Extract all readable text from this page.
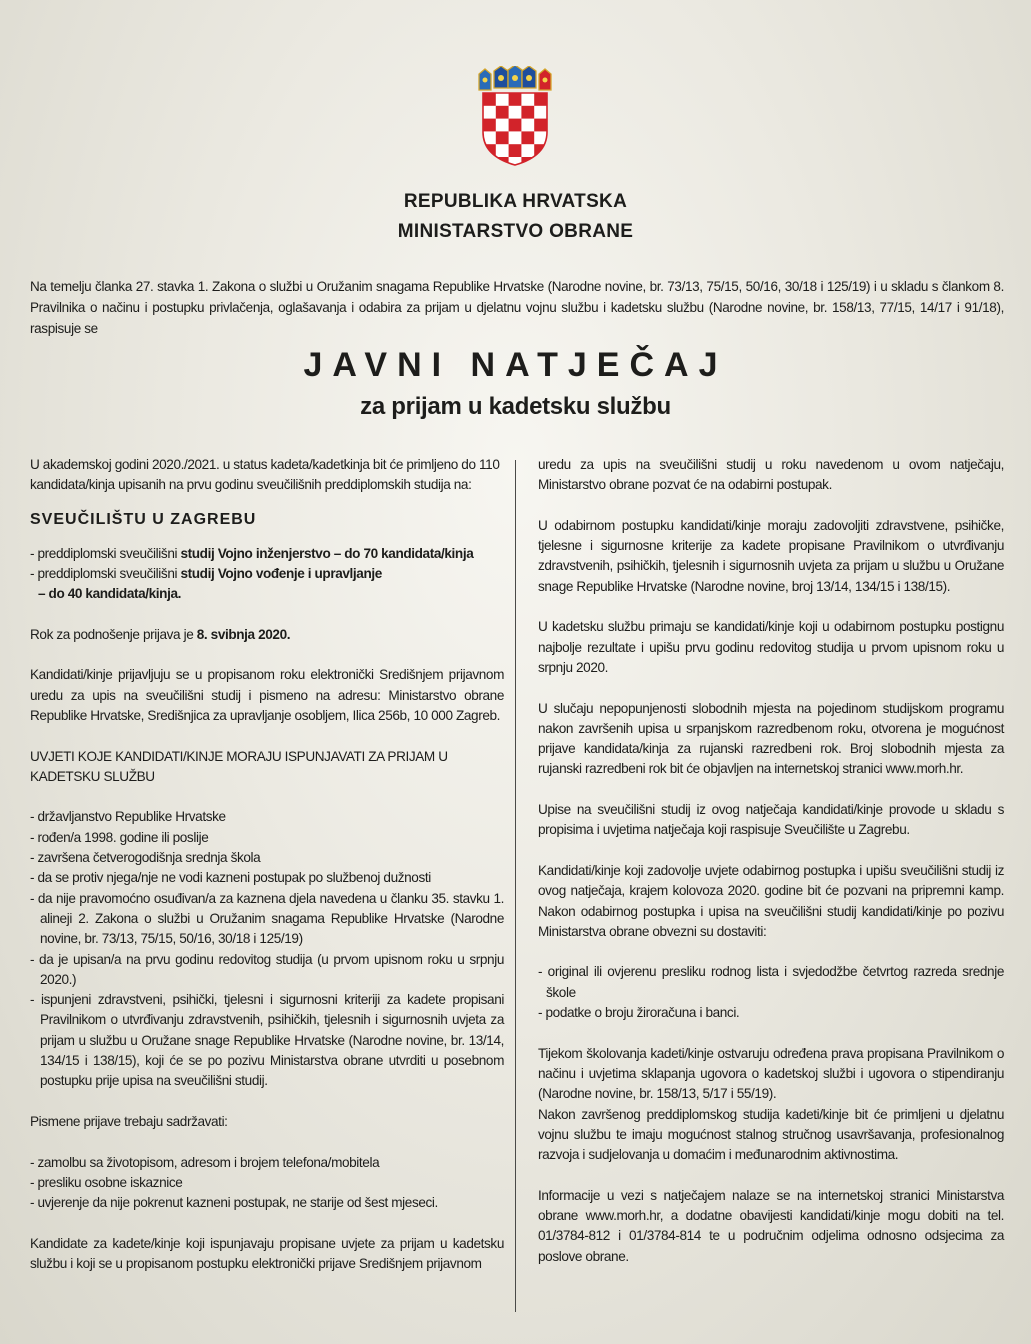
REPUBLIKA HRVATSKA
MINISTARSTVO OBRANE
Na temelju članka 27. stavka 1. Zakona o službi u Oružanim snagama Republike Hrvatske (Narodne novine, br. 73/13, 75/15, 50/16, 30/18 i 125/19) i u skladu s člankom 8. Pravilnika o načinu i postupku privlačenja, oglašavanja i odabira za prijam u djelatnu vojnu službu i kadetsku službu (Narodne novine, br. 158/13, 77/15, 14/17 i 91/18), raspisuje se
JAVNI NATJEČAJ
za prijam u kadetsku službu

U akademskoj godini 2020./2021. u status kadeta/kadetkinja bit će primljeno do 110 kandidata/kinja upisanih na prvu godinu sveučilišnih preddiplomskih studija na:

SVEUČILIŠTU U ZAGREBU

- preddiplomski sveučilišni studij Vojno inženjerstvo – do 70 kandidata/kinja

- preddiplomski sveučilišni studij Vojno vođenje i upravljanje

– do 40 kandidata/kinja.

Rok za podnošenje prijava je 8. svibnja 2020.

Kandidati/kinje prijavljuju se u propisanom roku elektronički Središnjem prijavnom uredu za upis na sveučilišni studij i pismeno na adresu: Ministarstvo obrane Republike Hrvatske, Središnjica za upravljanje osobljem, Ilica 256b, 10 000 Zagreb.

UVJETI KOJE KANDIDATI/KINJE MORAJU ISPUNJAVATI ZA PRIJAM U KADETSKU SLUŽBU

- državljanstvo Republike Hrvatske

- rođen/a 1998. godine ili poslije

- završena četverogodišnja srednja škola

- da se protiv njega/nje ne vodi kazneni postupak po službenoj dužnosti

- da nije pravomoćno osuđivan/a za kaznena djela navedena u članku 35. stavku 1. alineji 2. Zakona o službi u Oružanim snagama Republike Hrvatske (Narodne novine, br. 73/13, 75/15, 50/16, 30/18 i 125/19)

- da je upisan/a na prvu godinu redovitog studija (u prvom upisnom roku u srpnju 2020.)

- ispunjeni zdravstveni, psihički, tjelesni i sigurnosni kriteriji za kadete propisani Pravilnikom o utvrđivanju zdravstvenih, psihičkih, tjelesnih i sigurnosnih uvjeta za prijam u službu u Oružane snage Republike Hrvatske (Narodne novine, br. 13/14, 134/15 i 138/15), koji će se po pozivu Ministarstva obrane utvrditi u posebnom postupku prije upisa na sveučilišni studij.

Pismene prijave trebaju sadržavati:

- zamolbu sa životopisom, adresom i brojem telefona/mobitela

- presliku osobne iskaznice

- uvjerenje da nije pokrenut kazneni postupak, ne starije od šest mjeseci.

Kandidate za kadete/kinje koji ispunjavaju propisane uvjete za prijam u kadetsku službu i koji se u propisanom postupku elektronički prijave Središnjem prijavnom

uredu za upis na sveučilišni studij u roku navedenom u ovom natječaju, Ministarstvo obrane pozvat će na odabirni postupak.

U odabirnom postupku kandidati/kinje moraju zadovoljiti zdravstvene, psihičke, tjelesne i sigurnosne kriterije za kadete propisane Pravilnikom o utvrđivanju zdravstvenih, psihičkih, tjelesnih i sigurnosnih uvjeta za prijam u službu u Oružane snage Republike Hrvatske (Narodne novine, broj 13/14, 134/15 i 138/15).

U kadetsku službu primaju se kandidati/kinje koji u odabirnom postupku postignu najbolje rezultate i upišu prvu godinu redovitog studija u prvom upisnom roku u srpnju 2020.

U slučaju nepopunjenosti slobodnih mjesta na pojedinom studijskom programu nakon završenih upisa u srpanjskom razredbenom roku, otvorena je mogućnost prijave kandidata/kinja za rujanski razredbeni rok. Broj slobodnih mjesta za rujanski razredbeni rok bit će objavljen na internetskoj stranici www.morh.hr.

Upise na sveučilišni studij iz ovog natječaja kandidati/kinje provode u skladu s propisima i uvjetima natječaja koji raspisuje Sveučilište u Zagrebu.

Kandidati/kinje koji zadovolje uvjete odabirnog postupka i upišu sveučilišni studij iz ovog natječaja, krajem kolovoza 2020. godine bit će pozvani na pripremni kamp. Nakon odabirnog postupka i upisa na sveučilišni studij kandidati/kinje po pozivu Ministarstva obrane obvezni su dostaviti:

- original ili ovjerenu presliku rodnog lista i svjedodžbe četvrtog razreda srednje škole

- podatke o broju žiroračuna i banci.

Tijekom školovanja kadeti/kinje ostvaruju određena prava propisana Pravilnikom o načinu i uvjetima sklapanja ugovora o kadetskoj službi i ugovora o stipendiranju (Narodne novine, br. 158/13, 5/17 i 55/19).

Nakon završenog preddiplomskog studija kadeti/kinje bit će primljeni u djelatnu vojnu službu te imaju mogućnost stalnog stručnog usavršavanja, profesionalnog razvoja i sudjelovanja u domaćim i međunarodnim aktivnostima.

Informacije u vezi s natječajem nalaze se na internetskoj stranici Ministarstva obrane www.morh.hr, a dodatne obavijesti kandidati/kinje mogu dobiti na tel. 01/3784-812 i 01/3784-814 te u područnim odjelima odnosno odsjecima za poslove obrane.
